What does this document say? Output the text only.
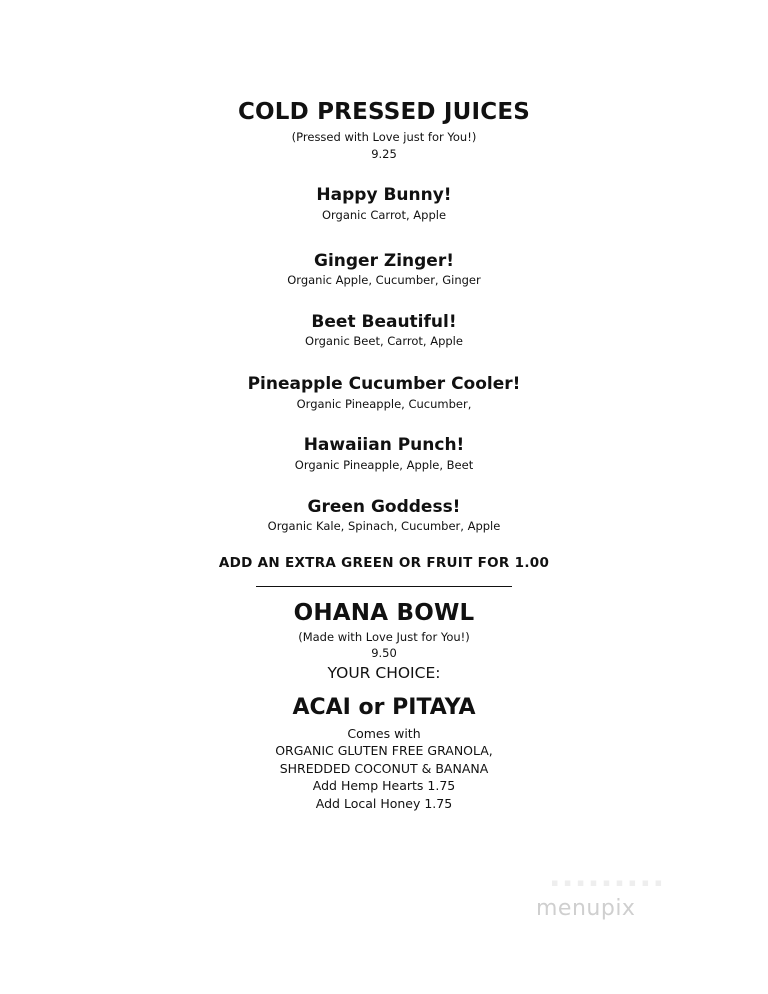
COLD PRESSED JUICES
(Pressed with Love just for You!)
9.25
Happy Bunny!
Organic Carrot, Apple
Ginger Zinger!
Organic Apple, Cucumber, Ginger
Beet Beautiful!
Organic Beet, Carrot, Apple
Pineapple Cucumber Cooler!
Organic Pineapple, Cucumber,
Hawaiian Punch!
Organic Pineapple, Apple, Beet
Green Goddess!
Organic Kale, Spinach, Cucumber, Apple
ADD AN EXTRA GREEN OR FRUIT FOR 1.00
OHANA BOWL
(Made with Love Just for You!)
9.50
YOUR CHOICE:
ACAI or PITAYA
Comes with
ORGANIC GLUTEN FREE GRANOLA,
SHREDDED COCONUT & BANANA
Add Hemp Hearts 1.75
Add Local Honey 1.75
▪ ▪ ▪ ▪ ▪ ▪ ▪ ▪ ▪
menupix
